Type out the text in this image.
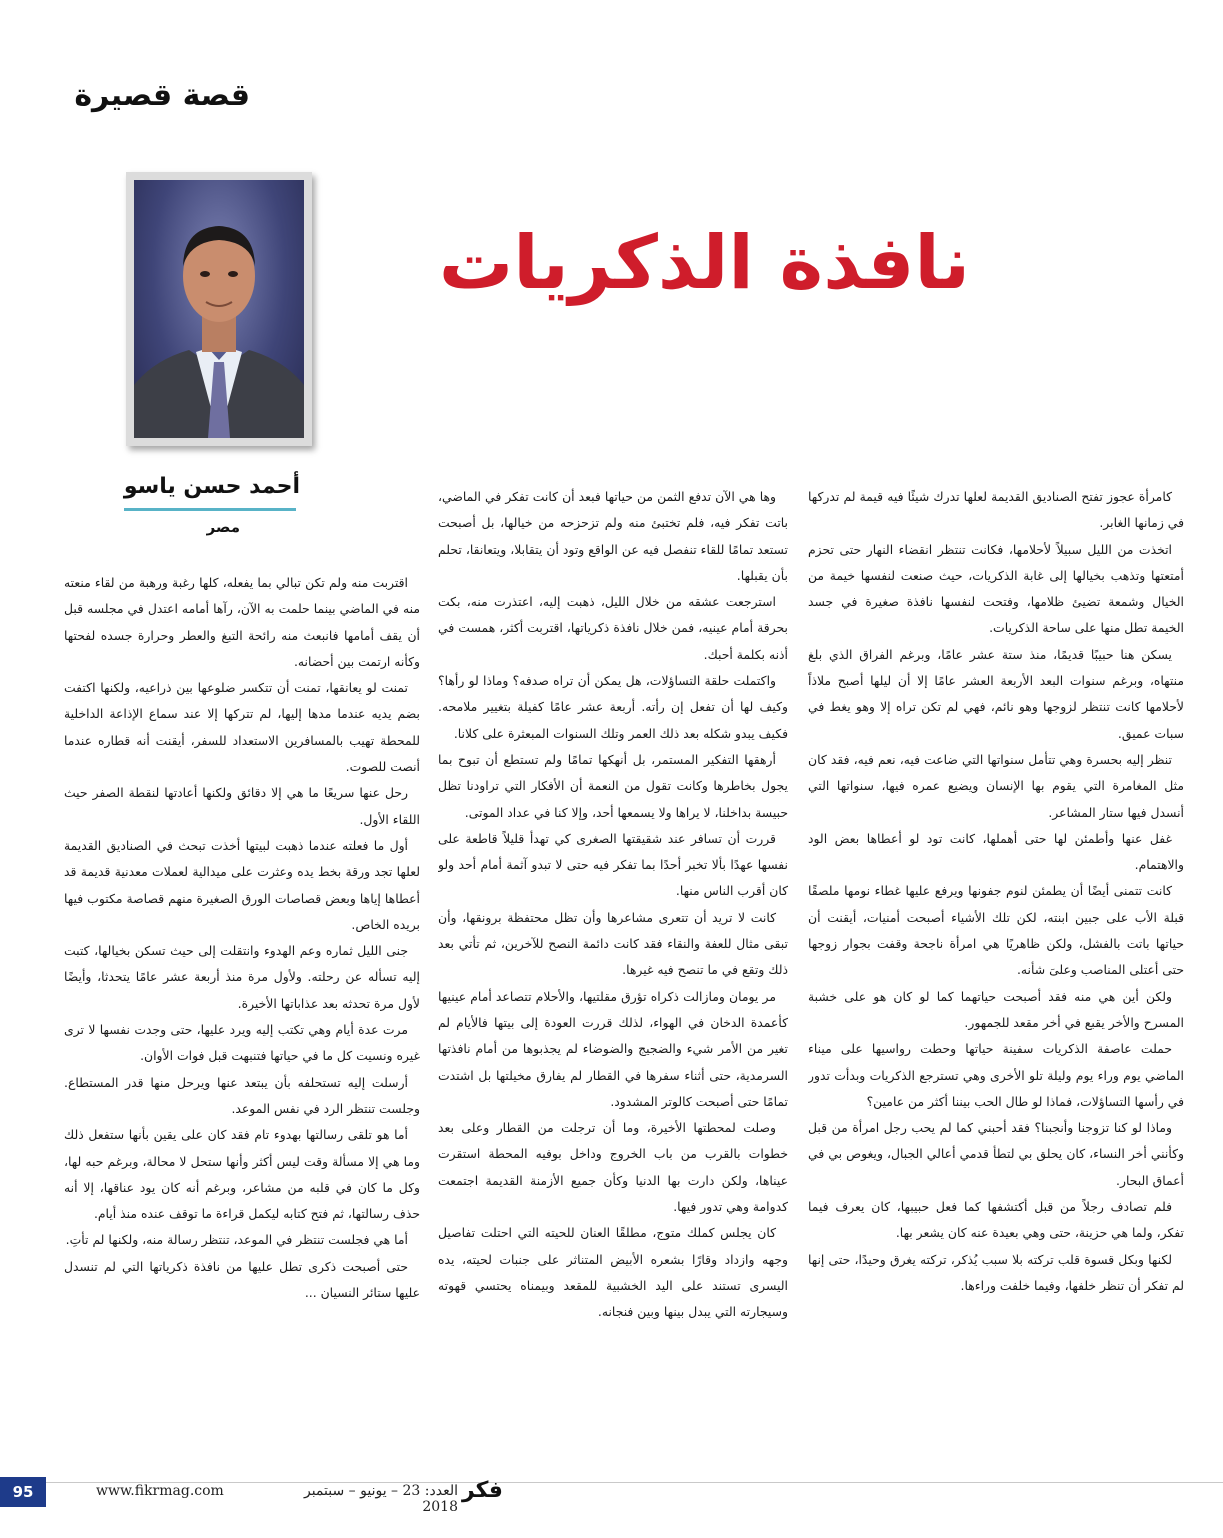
قصة قصيرة
نافذة الذكريات
أحمد حسن ياسو
مصر

كامرأة عجوز تفتح الصناديق القديمة لعلها تدرك شيئًا فيه قيمة لم تدركها في زمانها الغابر.

اتخذت من الليل سبيلاً لأحلامها، فكانت تنتظر انقضاء النهار حتى تحزم أمتعتها وتذهب بخيالها إلى غابة الذكريات، حيث صنعت لنفسها خيمة من الخيال وشمعة تضيئ ظلامها، وفتحت لنفسها نافذة صغيرة في جسد الخيمة تطل منها على ساحة الذكريات.

يسكن هنا حبيبًا قديمًا، منذ ستة عشر عامًا، وبرغم الفراق الذي بلغ منتهاه، وبرغم سنوات البعد الأربعة العشر عامًا إلا أن ليلها أصبح ملاذاً لأحلامها كانت تنتظر لزوجها وهو نائم، فهي لم تكن تراه إلا وهو يغط في سبات عميق.

تنظر إليه بحسرة وهي تتأمل سنواتها التي ضاعت فيه، نعم فيه، فقد كان مثل المغامرة التي يقوم بها الإنسان ويضيع عمره فيها، سنواتها التي أنسدل فيها ستار المشاعر.

غفل عنها وأطمئن لها حتى أهملها، كانت تود لو أعطاها بعض الود والاهتمام.

كانت تتمنى أيضًا أن يطمئن لنوم جفونها ويرفع عليها غطاء نومها ملصقًا قبلة الأب على جبين ابنته، لكن تلك الأشياء أصبحت أمنيات، أيقنت أن حياتها باتت بالفشل، ولكن ظاهريًا هي امرأة ناجحة وقفت بجوار زوجها حتى أعتلى المناصب وعلىَ شأنه.

ولكن أين هي منه فقد أصبحت حياتهما كما لو كان هو على خشبة المسرح والأخر يقبع في أخر مقعد للجمهور.

حملت عاصفة الذكريات سفينة حياتها وحطت رواسيها على ميناء الماضي يوم وراء يوم وليلة تلو الأخرى وهي تسترجع الذكريات وبدأت تدور في رأسها التساؤلات، فماذا لو طال الحب بيننا أكثر من عامين؟

وماذا لو كنا تزوجنا وأنجبنا؟ فقد أحبني كما لم يحب رجل امرأة من قبل وكأنني أخر النساء، كان يحلق بي لتطأ قدمي أعالي الجبال، ويغوص بي في أعماق البحار.

فلم تصادف رجلاً من قبل أكتشفها كما فعل حبيبها، كان يعرف فيما تفكر، ولما هي حزينة، حتى وهي بعيدة عنه كان يشعر بها.

لكنها وبكل قسوة قلب تركته بلا سبب يُذكر، تركته يغرق وحيدًا، حتى إنها لم تفكر أن تنظر خلفها، وفيما خلفت وراءها.

وها هي الآن تدفع الثمن من حياتها فبعد أن كانت تفكر في الماضي، باتت تفكر فيه، فلم تختبئ منه ولم تزحزحه من خيالها، بل أصبحت تستعد تمامًا للقاء تنفصل فيه عن الواقع وتود أن يتقابلا، ويتعانقا، تحلم بأن يقبلها.

استرجعت عشقه من خلال الليل، ذهبت إليه، اعتذرت منه، بكت بحرقة أمام عينيه، فمن خلال نافذة ذكرياتها، اقتربت أكثر، همست في أذنه بكلمة أحبك.

واكتملت حلقة التساؤلات، هل يمكن أن تراه صدفه؟ وماذا لو رأها؟ وكيف لها أن تفعل إن رأته. أربعة عشر عامًا كفيلة بتغيير ملامحه. فكيف يبدو شكله بعد ذلك العمر وتلك السنوات المبعثرة على كلانا.

أرهقها التفكير المستمر، بل أنهكها تمامًا ولم تستطع أن تبوح بما يجول بخاطرها وكانت تقول من النعمة أن الأفكار التي تراودنا تظل حبيسة بداخلنا، لا يراها ولا يسمعها أحد، وإلا كنا في عداد الموتى.

قررت أن تسافر عند شقيقتها الصغرى كي تهدأ قليلاً قاطعة على نفسها عهدًا بألا تخبر أحدًا بما تفكر فيه حتى لا تبدو آثمة أمام أحد ولو كان أقرب الناس منها.

كانت لا تريد أن تتعرى مشاعرها وأن تظل محتفظة برونقها، وأن تبقى مثال للعفة والنقاء فقد كانت دائمة النصح للآخرين، ثم تأتي بعد ذلك وتقع في ما تنصح فيه غيرها.

مر يومان ومازالت ذكراه تؤرق مقلتيها، والأحلام تتصاعد أمام عينيها كأعمدة الدخان في الهواء، لذلك قررت العودة إلى بيتها فالأيام لم تغير من الأمر شيء والضجيج والضوضاء لم يجذبوها من أمام نافذتها السرمدية، حتى أثناء سفرها في القطار لم يفارق مخيلتها بل اشتدت تمامًا حتى أصبحت كالوتر المشدود.

وصلت لمحطتها الأخيرة، وما أن ترجلت من القطار وعلى بعد خطوات بالقرب من باب الخروج وداخل بوفيه المحطة استقرت عيناها، ولكن دارت بها الدنيا وكأن جميع الأزمنة القديمة اجتمعت كدوامة وهي تدور فيها.

كان يجلس كملك متوج، مطلقًا العنان للحيته التي احتلت تفاصيل وجهه وازداد وقارًا بشعره الأبيض المتناثر على جنبات لحيته، يده اليسرى تستند على اليد الخشبية للمقعد وبيمناه يحتسي قهوته وسيجارته التي يبدل بينها وبين فنجانه.

اقتربت منه ولم تكن تبالي بما يفعله، كلها رغبة ورهبة من لقاء منعته منه في الماضي بينما حلمت به الآن، رآها أمامه اعتدل في مجلسه قبل أن يقف أمامها فانبعث منه رائحة التبغ والعطر وحرارة جسده لفحتها وكأنه ارتمت بين أحضانه.

تمنت لو يعانقها، تمنت أن تتكسر ضلوعها بين ذراعيه، ولكنها اكتفت بضم يديه عندما مدها إليها، لم تتركها إلا عند سماع الإذاعة الداخلية للمحطة تهيب بالمسافرين الاستعداد للسفر، أيقنت أنه قطاره عندما أنصت للصوت.

رحل عنها سريعًا ما هي إلا دقائق ولكنها أعادتها لنقطة الصفر حيث اللقاء الأول.

أول ما فعلته عندما ذهبت لبيتها أخذت تبحث في الصناديق القديمة لعلها تجد ورقة بخط يده وعثرت على ميدالية لعملات معدنية قديمة قد أعطاها إياها وبعض قصاصات الورق الصغيرة منهم قصاصة مكتوب فيها بريده الخاص.

جنى الليل ثماره وعم الهدوء وانتقلت إلى حيث تسكن بخيالها، كتبت إليه تسأله عن رحلته. ولأول مرة منذ أربعة عشر عامًا يتحدثا، وأيضًا لأول مرة تحدثه بعد عذاباتها الأخيرة.

مرت عدة أيام وهي تكتب إليه ويرد عليها، حتى وجدت نفسها لا ترى غيره ونسيت كل ما في حياتها فتنبهت قبل فوات الأوان.

أرسلت إليه تستحلفه بأن يبتعد عنها ويرحل منها قدر المستطاع. وجلست تنتظر الرد في نفس الموعد.

أما هو تلقى رسالتها بهدوء تام فقد كان على يقين بأنها ستفعل ذلك وما هي إلا مسألة وقت ليس أكثر وأنها ستحل لا محالة، وبرغم حبه لها، وكل ما كان في قلبه من مشاعر، وبرغم أنه كان يود عناقها، إلا أنه حذف رسالتها، ثم فتح كتابه ليكمل قراءة ما توقف عنده منذ أيام.

أما هي فجلست تنتظر في الموعد، تنتظر رسالة منه، ولكنها لم تأتِ.

حتى أصبحت ذكرى تطل عليها من نافذة ذكرياتها التي لم تنسدل عليها ستائر النسيان ...

95	www.fikrmag.com	العدد: 23 – يونيو – سبتمبر 2018
فكر
